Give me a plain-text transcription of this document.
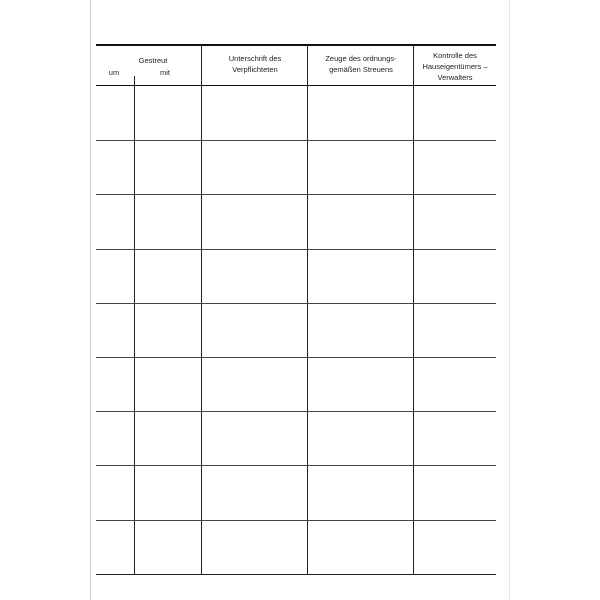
Gestreut
um	mit
Unterschrift des
Verpflichteten
Zeuge des ordnungs-
gemäßen Streuens
Kontrolle des
Hauseigentümers –
Verwalters
